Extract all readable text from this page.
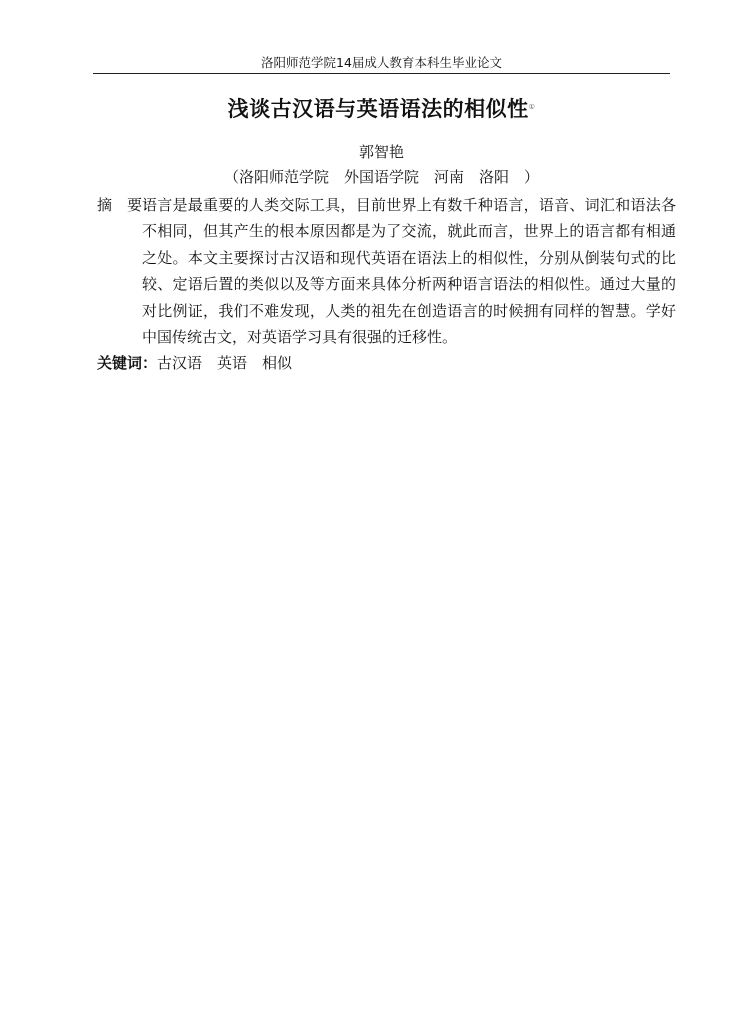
洛阳师范学院14届成人教育本科生毕业论文
浅谈古汉语与英语语法的相似性①
郭智艳
（洛阳师范学院　外国语学院　河南　洛阳　）
摘　要：
语言是最重要的人类交际工具，目前世界上有数千种语言，语音、词汇和语法各不相同，但其产生的根本原因都是为了交流，就此而言，世界上的语言都有相通之处。本文主要探讨古汉语和现代英语在语法上的相似性，分别从倒装句式的比较、定语后置的类似以及等方面来具体分析两种语言语法的相似性。通过大量的对比例证，我们不难发现，人类的祖先在创造语言的时候拥有同样的智慧。学好中国传统古文，对英语学习具有很强的迁移性。
关键词：古汉语　英语　相似
